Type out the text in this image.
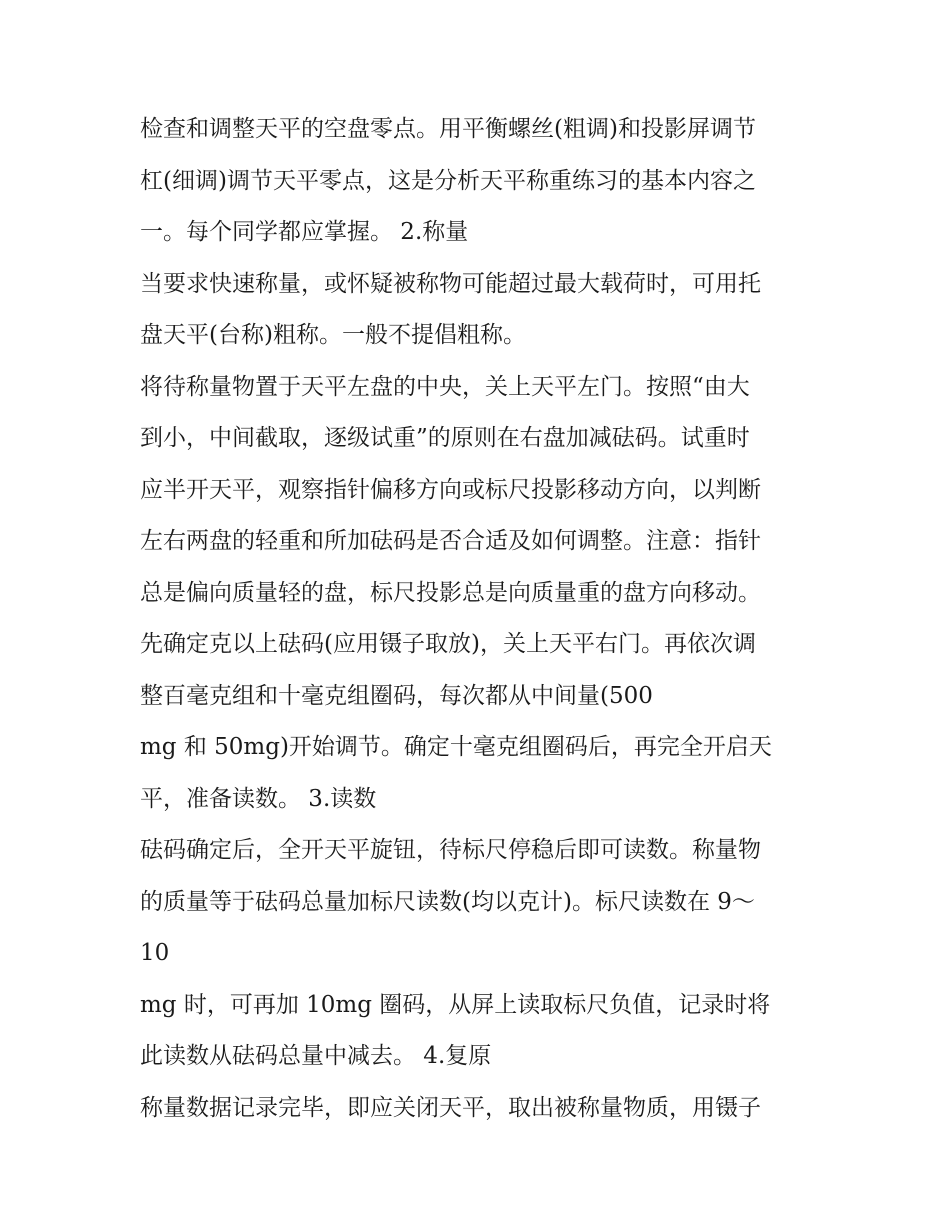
检查和调整天平的空盘零点。用平衡螺丝(粗调)和投影屏调节
杠(细调)调节天平零点，这是分析天平称重练习的基本内容之
一。每个同学都应掌握。 2.称量
当要求快速称量，或怀疑被称物可能超过最大载荷时，可用托
盘天平(台称)粗称。一般不提倡粗称。
将待称量物置于天平左盘的中央，关上天平左门。按照“由大
到小，中间截取，逐级试重”的原则在右盘加减砝码。试重时
应半开天平，观察指针偏移方向或标尺投影移动方向，以判断
左右两盘的轻重和所加砝码是否合适及如何调整。注意：指针
总是偏向质量轻的盘，标尺投影总是向质量重的盘方向移动。
先确定克以上砝码(应用镊子取放)，关上天平右门。再依次调
整百毫克组和十毫克组圈码，每次都从中间量(500
mg 和 50mg)开始调节。确定十毫克组圈码后，再完全开启天
平，准备读数。 3.读数
砝码确定后，全开天平旋钮，待标尺停稳后即可读数。称量物
的质量等于砝码总量加标尺读数(均以克计)。标尺读数在 9～
10
mg 时，可再加 10mg 圈码，从屏上读取标尺负值，记录时将
此读数从砝码总量中减去。 4.复原
称量数据记录完毕，即应关闭天平，取出被称量物质，用镊子
